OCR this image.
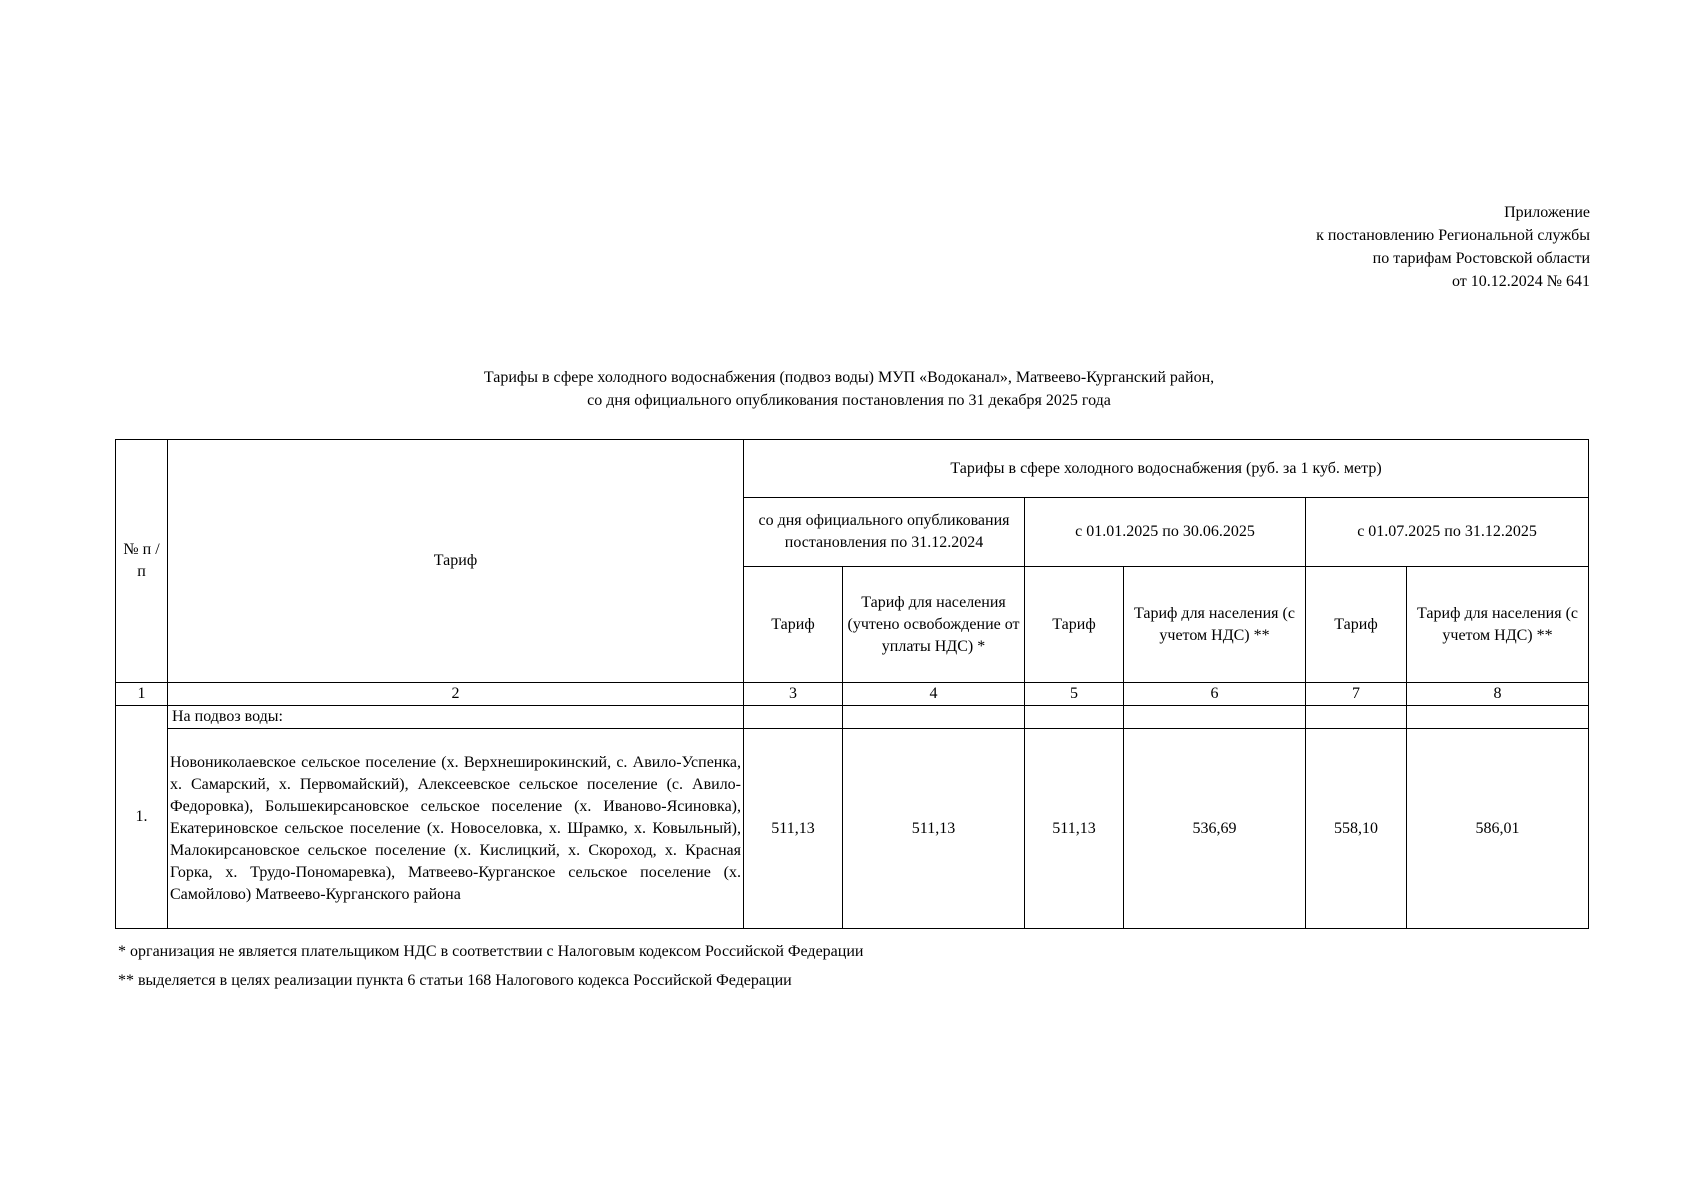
Приложение
к постановлению Региональной службы
по тарифам Ростовской области
от 10.12.2024 № 641
Тарифы в сфере холодного водоснабжения (подвоз воды) МУП «Водоканал», Матвеево-Курганский район,
со дня официального опубликования постановления по 31 декабря 2025 года
№ п /п	Тариф	Тарифы в сфере холодного водоснабжения (руб. за 1 куб. метр)					
		со дня официального опубликования постановления по 31.12.2024		с 01.01.2025 по 30.06.2025		с 01.07.2025 по 31.12.2025	
		Тариф	Тариф для населения (учтено освобождение от уплаты НДС) *	Тариф	Тариф для населения (с учетом НДС) **	Тариф	Тариф для населения (с учетом НДС) **
1	2	3	4	5	6	7	8
1.	На подвоз воды:						
	Новониколаевское сельское поселение (х. Верхнеширокинский, с. Авило-Успенка, х. Самарский, х. Первомайский), Алексеевское сельское поселение (с. Авило-Федоровка), Большекирсановское сельское поселение (х. Иваново-Ясиновка), Екатериновское сельское поселение (х. Новоселовка, х. Шрамко, х. Ковыльный), Малокирсановское сельское поселение (х. Кислицкий, х. Скороход, х. Красная Горка, х. Трудо-Пономаревка), Матвеево-Курганское сельское поселение (х. Самойлово) Матвеево-Курганского района	511,13	511,13	511,13	536,69	558,10	586,01
* организация не является плательщиком НДС в соответствии с Налоговым кодексом Российской Федерации
** выделяется в целях реализации пункта 6 статьи 168 Налогового кодекса Российской Федерации
